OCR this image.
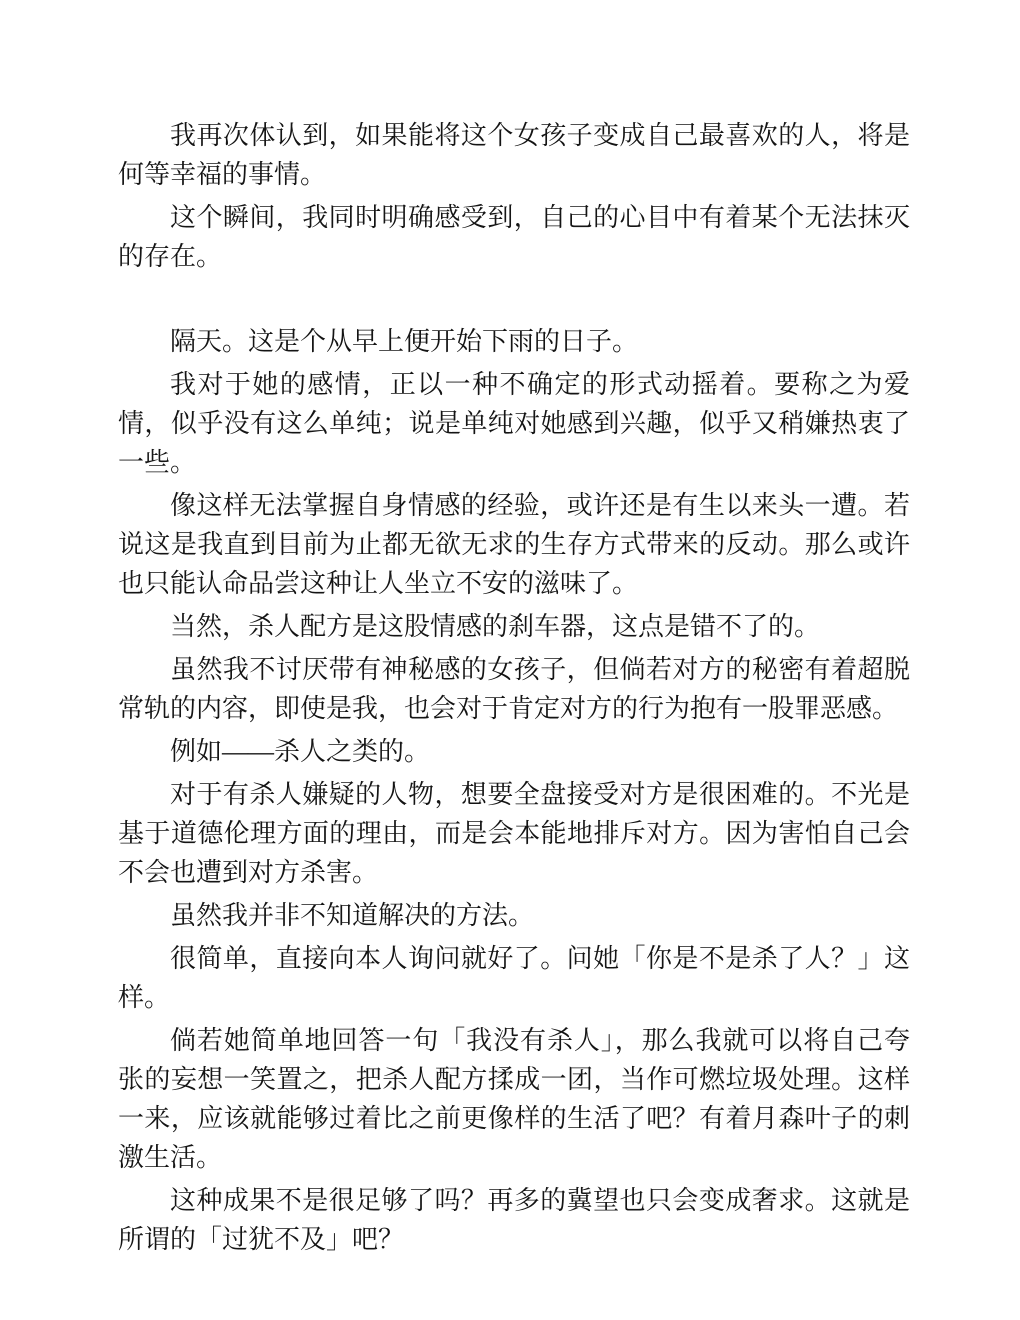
我再次体认到，如果能将这个女孩子变成自己最喜欢的人，将是何等幸福的事情。

这个瞬间，我同时明确感受到，自己的心目中有着某个无法抹灭的存在。

隔天。这是个从早上便开始下雨的日子。

我对于她的感情，正以一种不确定的形式动摇着。要称之为爱情，似乎没有这么单纯；说是单纯对她感到兴趣，似乎又稍嫌热衷了一些。

像这样无法掌握自身情感的经验，或许还是有生以来头一遭。若说这是我直到目前为止都无欲无求的生存方式带来的反动。那么或许也只能认命品尝这种让人坐立不安的滋味了。

当然，杀人配方是这股情感的刹车器，这点是错不了的。

虽然我不讨厌带有神秘感的女孩子，但倘若对方的秘密有着超脱常轨的内容，即使是我，也会对于肯定对方的行为抱有一股罪恶感。

例如——杀人之类的。

对于有杀人嫌疑的人物，想要全盘接受对方是很困难的。不光是基于道德伦理方面的理由，而是会本能地排斥对方。因为害怕自己会不会也遭到对方杀害。

虽然我并非不知道解决的方法。

很简单，直接向本人询问就好了。问她「你是不是杀了人？」这样。

倘若她简单地回答一句「我没有杀人」，那么我就可以将自己夸张的妄想一笑置之，把杀人配方揉成一团，当作可燃垃圾处理。这样一来，应该就能够过着比之前更像样的生活了吧？有着月森叶子的刺激生活。

这种成果不是很足够了吗？再多的冀望也只会变成奢求。这就是所谓的「过犹不及」吧？
